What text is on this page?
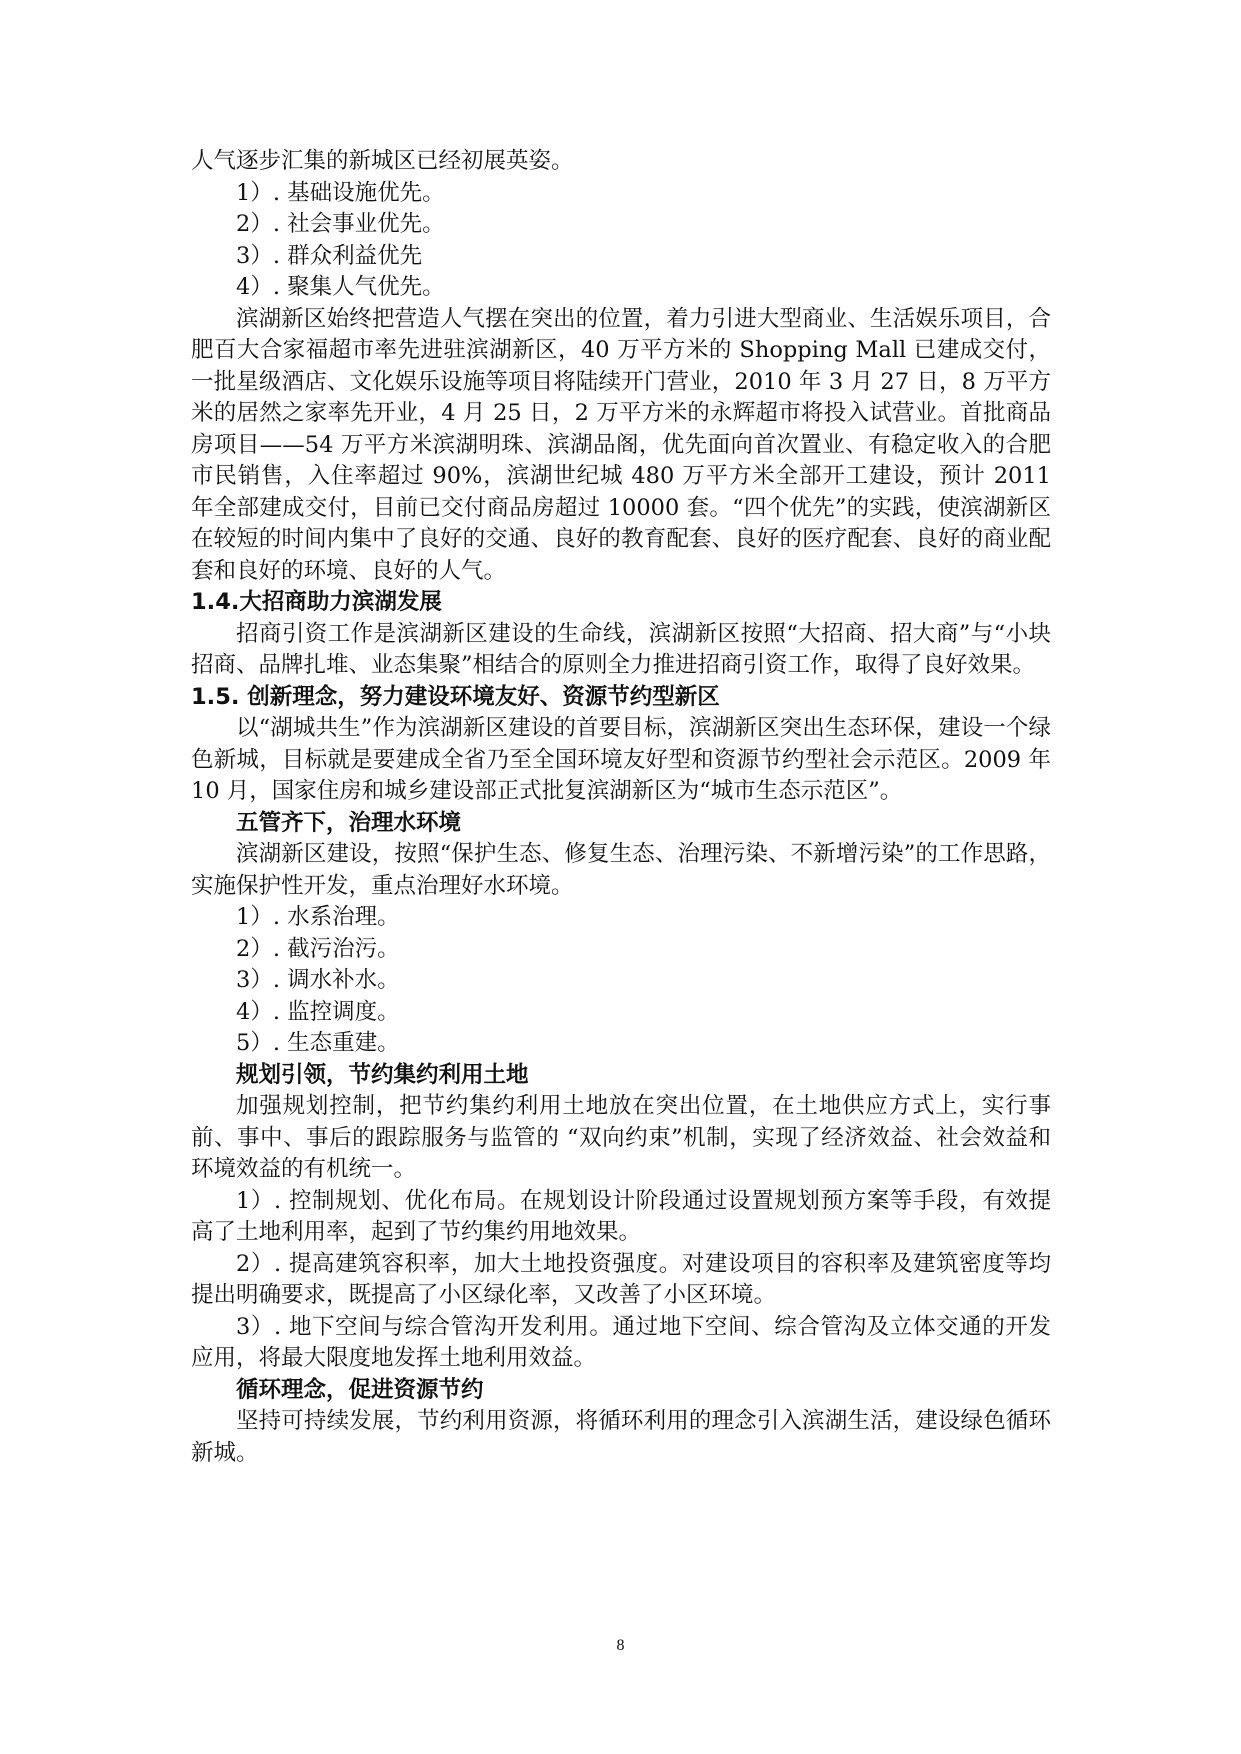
人气逐步汇集的新城区已经初展英姿。
1）. 基础设施优先。
2）. 社会事业优先。
3）. 群众利益优先
4）. 聚集人气优先。
滨湖新区始终把营造人气摆在突出的位置，着力引进大型商业、生活娱乐项目，合肥百大合家福超市率先进驻滨湖新区，40 万平方米的 Shopping Mall 已建成交付，一批星级酒店、文化娱乐设施等项目将陆续开门营业，2010 年 3 月 27 日，8 万平方米的居然之家率先开业，4 月 25 日，2 万平方米的永辉超市将投入试营业。首批商品房项目——54 万平方米滨湖明珠、滨湖品阁，优先面向首次置业、有稳定收入的合肥市民销售，入住率超过 90%，滨湖世纪城 480 万平方米全部开工建设，预计 2011 年全部建成交付，目前已交付商品房超过 10000 套。“四个优先”的实践，使滨湖新区在较短的时间内集中了良好的交通、良好的教育配套、良好的医疗配套、良好的商业配套和良好的环境、良好的人气。
1.4.大招商助力滨湖发展
招商引资工作是滨湖新区建设的生命线，滨湖新区按照“大招商、招大商”与“小块招商、品牌扎堆、业态集聚”相结合的原则全力推进招商引资工作，取得了良好效果。
1.5. 创新理念，努力建设环境友好、资源节约型新区
以“湖城共生”作为滨湖新区建设的首要目标，滨湖新区突出生态环保，建设一个绿色新城，目标就是要建成全省乃至全国环境友好型和资源节约型社会示范区。2009 年 10 月，国家住房和城乡建设部正式批复滨湖新区为“城市生态示范区”。
五管齐下，治理水环境
滨湖新区建设，按照“保护生态、修复生态、治理污染、不新增污染”的工作思路，实施保护性开发，重点治理好水环境。
1）. 水系治理。
2）. 截污治污。
3）. 调水补水。
4）. 监控调度。
5）. 生态重建。
规划引领，节约集约利用土地
加强规划控制，把节约集约利用土地放在突出位置，在土地供应方式上，实行事前、事中、事后的跟踪服务与监管的 “双向约束”机制，实现了经济效益、社会效益和环境效益的有机统一。
1）. 控制规划、优化布局。在规划设计阶段通过设置规划预方案等手段，有效提高了土地利用率，起到了节约集约用地效果。
2）. 提高建筑容积率，加大土地投资强度。对建设项目的容积率及建筑密度等均提出明确要求，既提高了小区绿化率，又改善了小区环境。
3）. 地下空间与综合管沟开发利用。通过地下空间、综合管沟及立体交通的开发应用，将最大限度地发挥土地利用效益。
循环理念，促进资源节约
坚持可持续发展，节约利用资源，将循环利用的理念引入滨湖生活，建设绿色循环新城。
8
